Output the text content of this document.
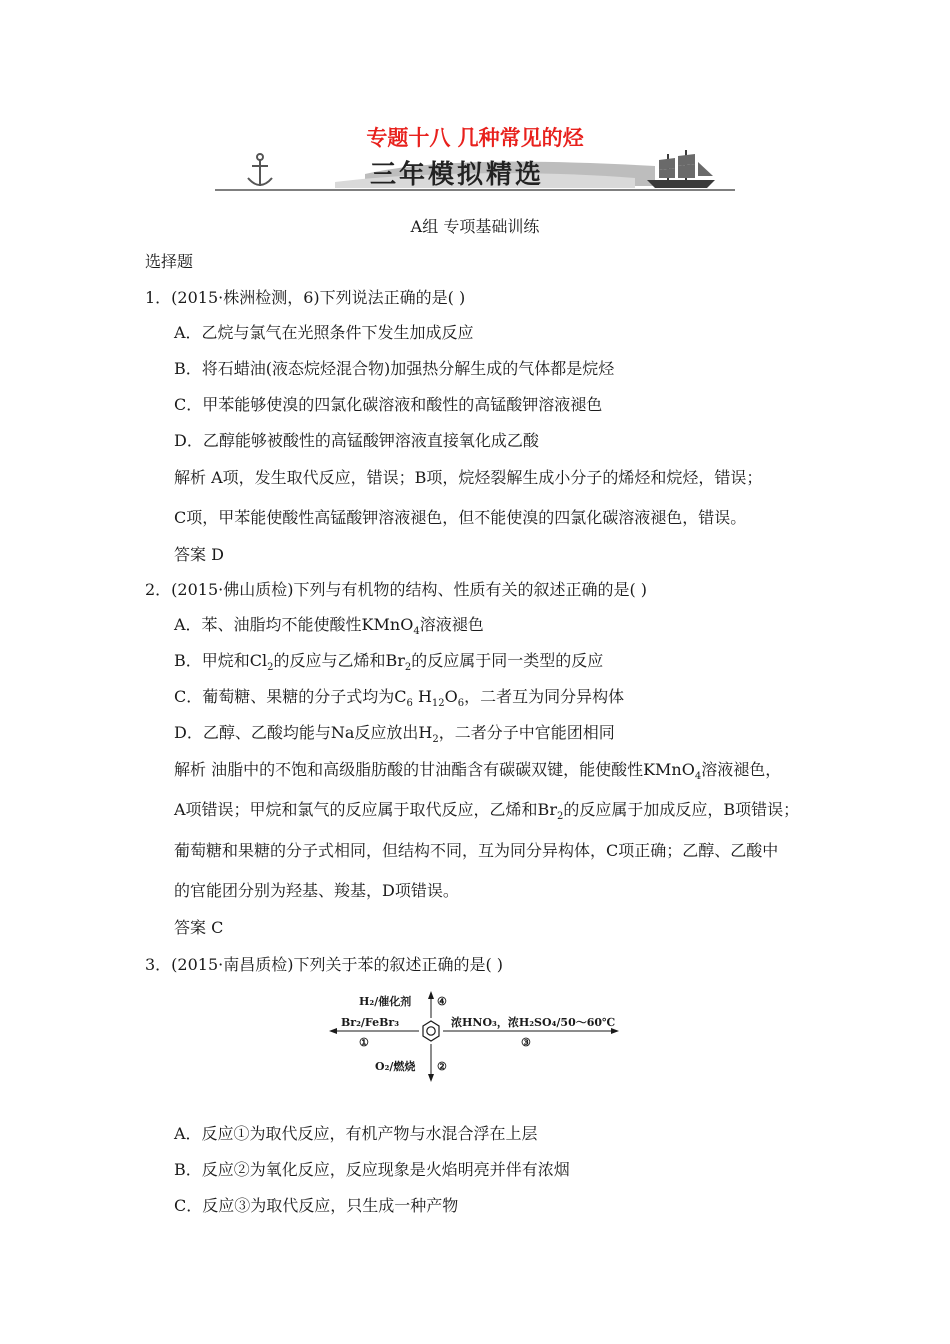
专题十八 几种常见的烃
三年模拟精选
A组 专项基础训练
选择题
1．(2015·株洲检测，6)下列说法正确的是( )
A．乙烷与氯气在光照条件下发生加成反应
B．将石蜡油(液态烷烃混合物)加强热分解生成的气体都是烷烃
C．甲苯能够使溴的四氯化碳溶液和酸性的高锰酸钾溶液褪色
D．乙醇能够被酸性的高锰酸钾溶液直接氧化成乙酸
解析 A项，发生取代反应，错误；B项，烷烃裂解生成小分子的烯烃和烷烃，错误；
C项，甲苯能使酸性高锰酸钾溶液褪色，但不能使溴的四氯化碳溶液褪色，错误。
答案 D
2．(2015·佛山质检)下列与有机物的结构、性质有关的叙述正确的是( )
A．苯、油脂均不能使酸性KMnO$_4$溶液褪色
B．甲烷和$Cl_2$的反应与乙烯和$Br_2$的反应属于同一类型的反应
C．葡萄糖、果糖的分子式均为$C_6$ $H_{12}O_6$，二者互为同分异构体
D．乙醇、乙酸均能与Na反应放出$H_2$，二者分子中官能团相同
解析 油脂中的不饱和高级脂肪酸的甘油酯含有碳碳双键，能使酸性KMnO$_4$溶液褪色，
A项错误；甲烷和氯气的反应属于取代反应，乙烯和$Br_2$的反应属于加成反应，B项错误；
葡萄糖和果糖的分子式相同，但结构不同，互为同分异构体，C项正确；乙醇、乙酸中
的官能团分别为羟基、羧基，D项错误。
答案 C
3．(2015·南昌质检)下列关于苯的叙述正确的是( )
H₂/催化剂 ④
Br₂/FeBr₃
①
浓HNO₃，浓H₂SO₄/50～60℃
③
O₂/燃烧 ②
A．反应①为取代反应，有机产物与水混合浮在上层
B．反应②为氧化反应，反应现象是火焰明亮并伴有浓烟
C．反应③为取代反应，只生成一种产物
